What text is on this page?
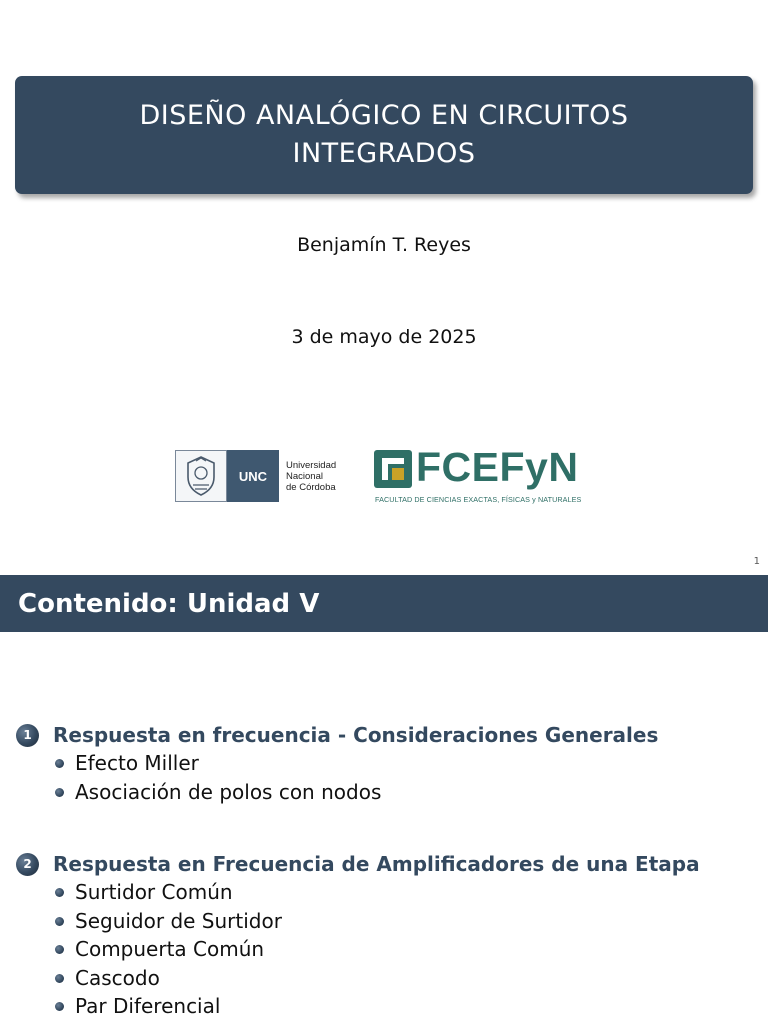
DISEÑO ANALÓGICO EN CIRCUITOS
INTEGRADOS
Benjamín T. Reyes
3 de mayo de 2025
UNC
Universidad
Nacional
de Córdoba FCEFyN
FACULTAD DE CIENCIAS EXACTAS, FÍSICAS y NATURALES
1
Contenido: Unidad V
1	Respuesta en frecuencia - Consideraciones Generales
Efecto Miller
Asociación de polos con nodos
2	Respuesta en Frecuencia de Amplificadores de una Etapa
Surtidor Común
Seguidor de Surtidor
Compuerta Común
Cascodo
Par Diferencial
